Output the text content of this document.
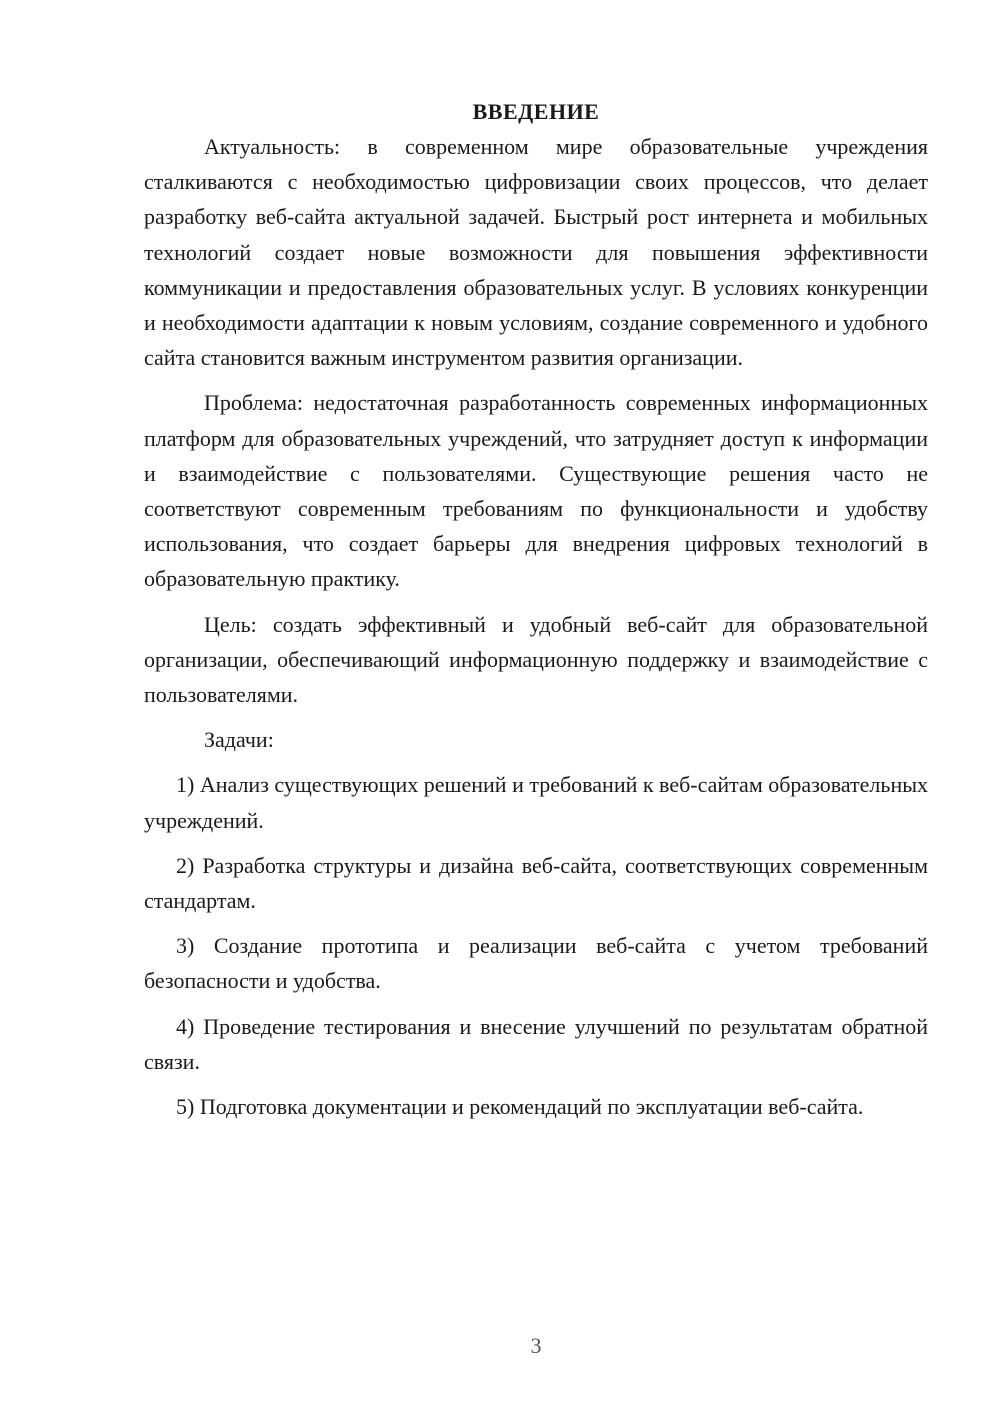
ВВЕДЕНИЕ

Актуальность: в современном мире образовательные учреждения сталкиваются с необходимостью цифровизации своих процессов, что делает разработку веб-сайта актуальной задачей. Быстрый рост интернета и мобильных технологий создает новые возможности для повышения эффективности коммуникации и предоставления образовательных услуг. В условиях конкуренции и необходимости адаптации к новым условиям, создание современного и удобного сайта становится важным инструментом развития организации.

Проблема: недостаточная разработанность современных информационных платформ для образовательных учреждений, что затрудняет доступ к информации и взаимодействие с пользователями. Существующие решения часто не соответствуют современным требованиям по функциональности и удобству использования, что создает барьеры для внедрения цифровых технологий в образовательную практику.

Цель: создать эффективный и удобный веб-сайт для образовательной организации, обеспечивающий информационную поддержку и взаимодействие с пользователями.

Задачи:

1) Анализ существующих решений и требований к веб-сайтам образовательных учреждений.

2) Разработка структуры и дизайна веб-сайта, соответствующих современным стандартам.

3) Создание прототипа и реализации веб-сайта с учетом требований безопасности и удобства.

4) Проведение тестирования и внесение улучшений по результатам обратной связи.

5) Подготовка документации и рекомендаций по эксплуатации веб-сайта.

3
